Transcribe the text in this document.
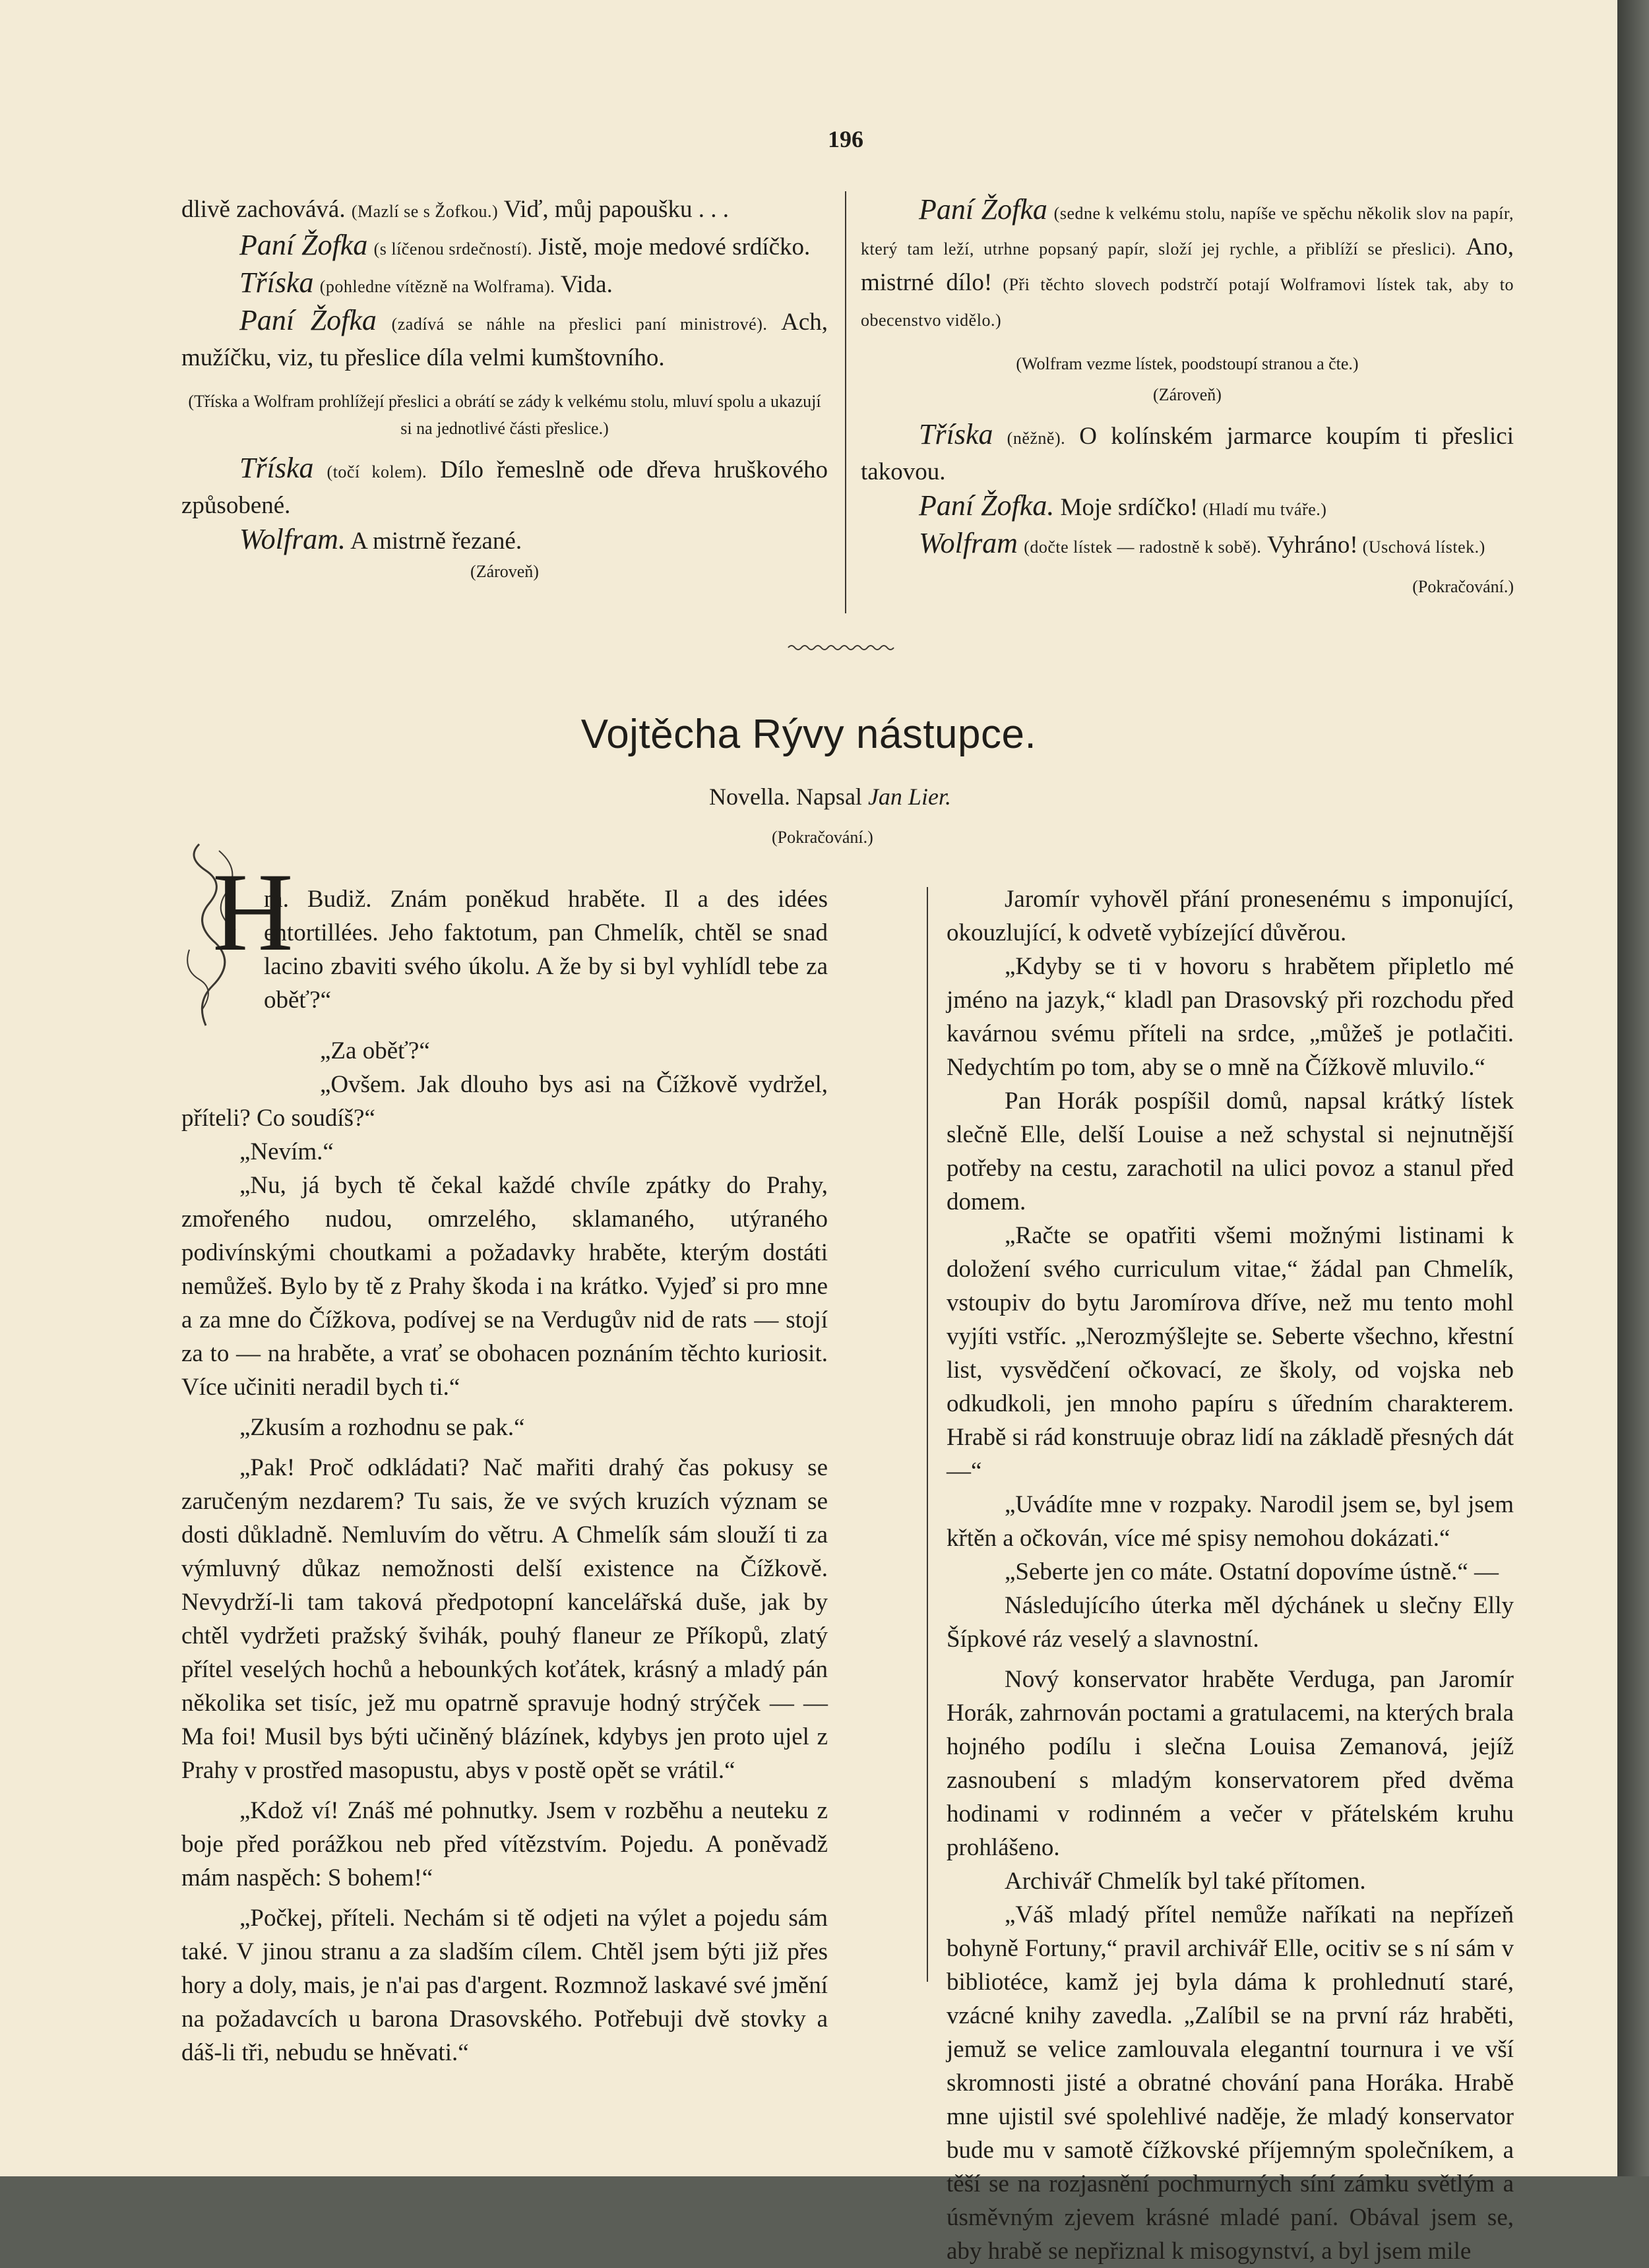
196

dlivě zachovává. (Mazlí se s Žofkou.) Viď, můj papoušku . . .

Paní Žofka (s líčenou srdečností). Jistě, moje medové srdíčko.

Tříska (pohledne vítězně na Wolframa). Vida.

Paní Žofka (zadívá se náhle na přeslici paní ministrové). Ach, mužíčku, viz, tu přeslice díla velmi kumštovního.

(Tříska a Wolfram prohlížejí přeslici a obrátí se zády k velkému stolu, mluví spolu a ukazují si na jednotlivé části přeslice.)

Tříska (točí kolem). Dílo řemeslně ode dřeva hruškového způsobené.

Wolfram. A mistrně řezané.

(Zároveň)

Paní Žofka (sedne k velkému stolu, napíše ve spěchu několik slov na papír, který tam leží, utrhne popsaný papír, složí jej rychle, a přiblíží se přeslici). Ano, mistrné dílo! (Při těchto slovech podstrčí potají Wolframovi lístek tak, aby to obecenstvo vidělo.)

(Wolfram vezme lístek, poodstoupí stranou a čte.)

(Zároveň)

Tříska (něžně). O kolínském jarmarce koupím ti přeslici takovou.

Paní Žofka. Moje srdíčko! (Hladí mu tváře.)

Wolfram (dočte lístek — radostně k sobě). Vyhráno! (Uschová lístek.)

(Pokračování.)

Vojtěcha Rývy nástupce.
Novella. Napsal Jan Lier.
(Pokračování.)
H

m. Budiž. Znám poněkud hraběte. Il a des idées entortillées. Jeho faktotum, pan Chmelík, chtěl se snad lacino zbaviti svého úkolu. A že by si byl vyhlídl tebe za oběť?“

„Za oběť?“

„Ovšem. Jak dlouho bys asi na Čížkově vydržel, příteli? Co soudíš?“

„Nevím.“

„Nu, já bych tě čekal každé chvíle zpátky do Prahy, zmořeného nudou, omrzelého, sklamaného, utýraného podivínskými choutkami a požadavky hraběte, kterým dostáti nemůžeš. Bylo by tě z Prahy škoda i na krátko. Vyjeď si pro mne a za mne do Čížkova, podívej se na Verdugův nid de rats — stojí za to — na hraběte, a vrať se obohacen poznáním těchto kuriosit. Více učiniti neradil bych ti.“

„Zkusím a rozhodnu se pak.“

„Pak! Proč odkládati? Nač mařiti drahý čas pokusy se zaručeným nezdarem? Tu sais, že ve svých kruzích význam se dosti důkladně. Nemluvím do větru. A Chmelík sám slouží ti za výmluvný důkaz nemožnosti delší existence na Čížkově. Nevydrží-li tam taková předpotopní kancelářská duše, jak by chtěl vydržeti pražský švihák, pouhý flaneur ze Příkopů, zlatý přítel veselých hochů a hebounkých koťátek, krásný a mladý pán několika set tisíc, jež mu opatrně spravuje hodný strýček — — Ma foi! Musil bys býti učiněný blázínek, kdybys jen proto ujel z Prahy v prostřed masopustu, abys v postě opět se vrátil.“

„Kdož ví! Znáš mé pohnutky. Jsem v rozběhu a neuteku z boje před porážkou neb před vítězstvím. Pojedu. A poněvadž mám naspěch: S bohem!“

„Počkej, příteli. Nechám si tě odjeti na výlet a pojedu sám také. V jinou stranu a za sladším cílem. Chtěl jsem býti již přes hory a doly, mais, je n'ai pas d'argent. Rozmnož laskavé své jmění na požadavcích u barona Drasovského. Potřebuji dvě stovky a dáš-li tři, nebudu se hněvati.“

Jaromír vyhověl přání pronesenému s imponující, okouzlující, k odvetě vybízející důvěrou.

„Kdyby se ti v hovoru s hrabětem připletlo mé jméno na jazyk,“ kladl pan Drasovský při rozchodu před kavárnou svému příteli na srdce, „můžeš je potlačiti. Nedychtím po tom, aby se o mně na Čížkově mluvilo.“

Pan Horák pospíšil domů, napsal krátký lístek slečně Elle, delší Louise a než schystal si nejnutnější potřeby na cestu, zarachotil na ulici povoz a stanul před domem.

„Račte se opatřiti všemi možnými listinami k doložení svého curriculum vitae,“ žádal pan Chmelík, vstoupiv do bytu Jaromírova dříve, než mu tento mohl vyjíti vstříc. „Nerozmýšlejte se. Seberte všechno, křestní list, vysvědčení očkovací, ze školy, od vojska neb odkudkoli, jen mnoho papíru s úředním charakterem. Hrabě si rád konstruuje obraz lidí na základě přesných dát —“

„Uvádíte mne v rozpaky. Narodil jsem se, byl jsem křtěn a očkován, více mé spisy nemohou dokázati.“

„Seberte jen co máte. Ostatní dopovíme ústně.“ —

Následujícího úterka měl dýchánek u slečny Elly Šípkové ráz veselý a slavnostní.

Nový konservator hraběte Verduga, pan Jaromír Horák, zahrnován poctami a gratulacemi, na kterých brala hojného podílu i slečna Louisa Zemanová, jejíž zasnoubení s mladým konservatorem před dvěma hodinami v rodinném a večer v přátelském kruhu prohlášeno.

Archivář Chmelík byl také přítomen.

„Váš mladý přítel nemůže naříkati na nepřízeň bohyně Fortuny,“ pravil archivář Elle, ocitiv se s ní sám v bibliotéce, kamž jej byla dáma k prohlednutí staré, vzácné knihy zavedla. „Zalíbil se na první ráz hraběti, jemuž se velice zamlouvala elegantní tournura i ve vší skromnosti jisté a obratné chování pana Horáka. Hrabě mne ujistil své spolehlivé naděje, že mladý konservator bude mu v samotě čížkovské příjemným společníkem, a těší se na rozjasnění pochmurných síní zámku světlým a úsměvným zjevem krásné mladé paní. Obával jsem se, aby hrabě se nepřiznal k misogynství, a byl jsem mile
